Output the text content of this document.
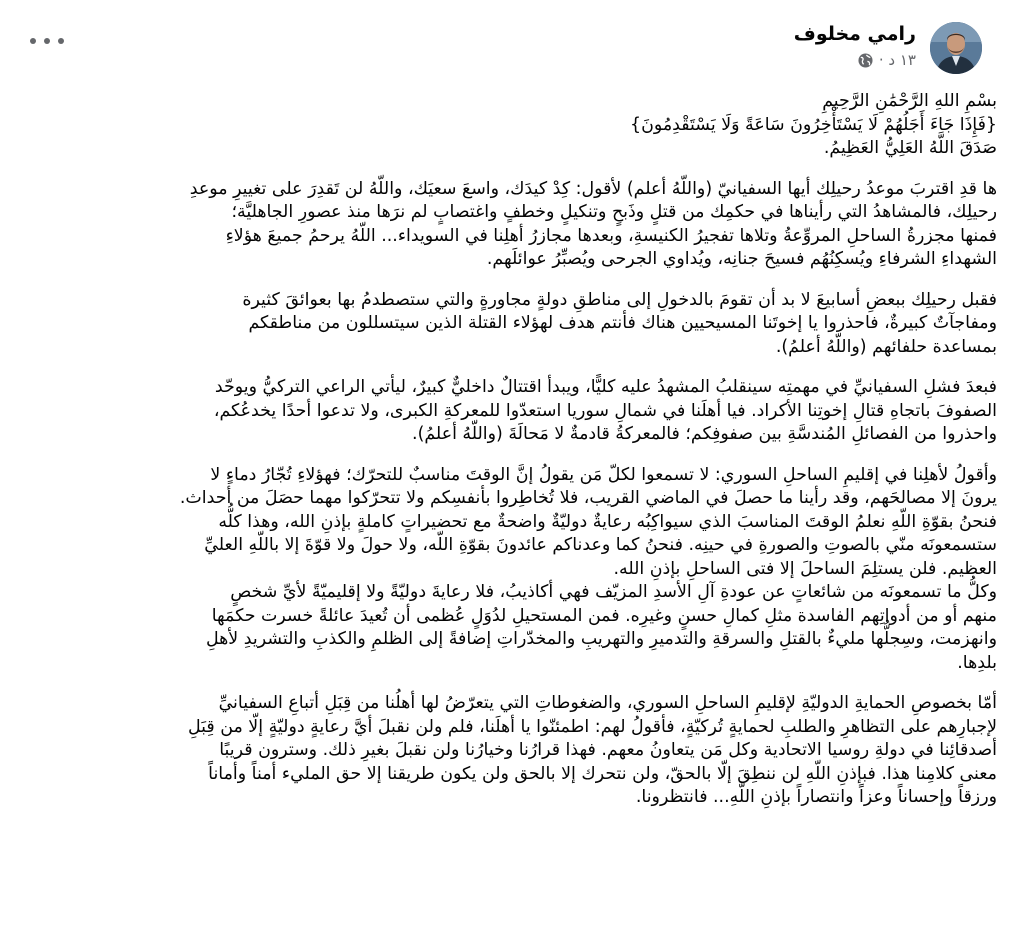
رامي مخلوف
١٣ د ·
بسْمِ اللهِ الرَّحْمَٰنِ الرَّحِيمِ
{فَإِذَا جَاءَ أَجَلُهُمْ لَا يَسْتَأْخِرُونَ سَاعَةً وَلَا يَسْتَقْدِمُونَ}
صَدَقَ اللَّهُ العَلِيُّ العَظِيمُ.
ها قدِ اقتربَ موعدُ رحيلِك أيها السفيانيّ (واللّهُ أعلم) لأقول: كِدْ كيدَك، واسعَ سعيَك، واللّهُ لن تَقدِرَ على تغييرِ موعدِ
رحيلِك، فالمشاهدُ التي رأيناها في حكمِك من قتلٍ وذَبحٍ وتنكيلٍ وخطفٍ واغتصابٍ لم نرَها منذ عصورِ الجاهليَّة؛
فمنها مجزرةُ الساحلِ المروِّعةُ وتلاها تفجيرُ الكنيسةِ، وبعدها مجازرُ أهلِنا في السويداء... اللّهُ يرحمُ جميعَ هؤلاءِ
الشهداءِ الشرفاءِ ويُسكِنُهُم فسيحَ جنانِه، ويُداوي الجرحى ويُصبِّرُ عوائلَهم.
فقبل رحيلِك ببعضِ أسابيعَ لا بد أن تقومَ بالدخولِ إلى مناطقِ دولةٍ مجاورةٍ والتي ستصطدمُ بها بعوائقَ كثيرة
ومفاجآتٌ كبيرةٌ، فاحذروا يا إخوتَنا المسيحيين هناك فأنتم هدف لهؤلاء القتلة الذين سيتسللون من مناطقكم
بمساعدة حلفائهم (واللّهُ أعلمُ).
فبعدَ فشلِ السفيانيِّ في مهمتِه سينقلبُ المشهدُ عليه كليًّا، ويبدأ اقتتالٌ داخليٌّ كبيرٌ، ليأتي الراعي التركيُّ ويوحّد
الصفوفَ باتجاهِ قتالِ إخوتِنا الأكراد. فيا أهلَنا في شمالِ سوريا استعدّوا للمعركةِ الكبرى، ولا تدعوا أحدًا يخدعُكم،
واحذروا من الفصائلِ المُندسَّةِ بين صفوفِكم؛ فالمعركةُ قادمةٌ لا مَحالَةَ (واللّهُ أعلمُ).
وأقولُ لأهلِنا في إقليمِ الساحلِ السوري: لا تسمعوا لكلّ مَن يقولُ إنَّ الوقتَ مناسبٌ للتحرّك؛ فهؤلاءِ تُجّارُ دماءٍ لا
يرونَ إلا مصالحَهم، وقد رأينا ما حصلَ في الماضي القريب، فلا تُخاطِروا بأنفسِكم ولا تتحرّكوا مهما حصَلَ من أحداث.
فنحنُ بقوّةِ اللّهِ نعلمُ الوقتَ المناسبَ الذي سيواكِبُه رعايةٌ دوليّةٌ واضحةٌ مع تحضيراتٍ كاملةٍ بإذنِ الله، وهذا كلُّه
ستسمعونَه منّي بالصوتِ والصورةِ في حينِه. فنحنُ كما وعدناكم عائدونَ بقوّةِ اللّه، ولا حولَ ولا قوّةَ إلا باللّهِ العليِّ
العظيم. فلن يستلِمَ الساحلَ إلا فتى الساحلِ بإذنِ الله.
وكلُّ ما تسمعونَه من شائعاتٍ عن عودةِ آلِ الأسدِ المزيّف فهي أكاذيبُ، فلا رعايةَ دوليّةً ولا إقليميّةً لأيِّ شخصٍ
منهم أو من أدواتِهم الفاسدة مثلِ كمالِ حسنٍ وغيرِه. فمن المستحيلِ لدُوَلٍ عُظمى أن تُعيدَ عائلةً خسرت حكمَها
وانهزمت، وسِجلُّها مليءٌ بالقتلِ والسرقةِ والتدميرِ والتهريبِ والمخدّراتِ إضافةً إلى الظلمِ والكذبِ والتشريدِ لأهلِ
بلدِها.
أمّا بخصوصِ الحمايةِ الدوليّةِ لإقليمِ الساحلِ السوري، والضغوطاتِ التي يتعرّضُ لها أهلُنا من قِبَلِ أتباعِ السفيانيِّ
لإجبارِهم على التظاهرِ والطلبِ لحمايةٍ تُركيّةٍ، فأقولُ لهم: اطمئنّوا يا أهلَنا، فلم ولن نقبلَ أيَّ رعايةٍ دوليّةٍ إلّا من قِبَلِ
أصدقائِنا في دولةِ روسيا الاتحادية وكل مَن يتعاونُ معهم. فهذا قرارُنا وخيارُنا ولن نقبلَ بغيرِ ذلك. وسترون قريبًا
معنى كلامِنا هذا. فبإذنِ اللّهِ لن ننطِقَ إلّا بالحقّ، ولن نتحرك إلا بالحق ولن يكون طريقنا إلا حق المليء أمناً وأماناً
ورزقاً وإحساناً وعزاً وانتصاراً بإذنِ اللّهِ... فانتظرونا.
